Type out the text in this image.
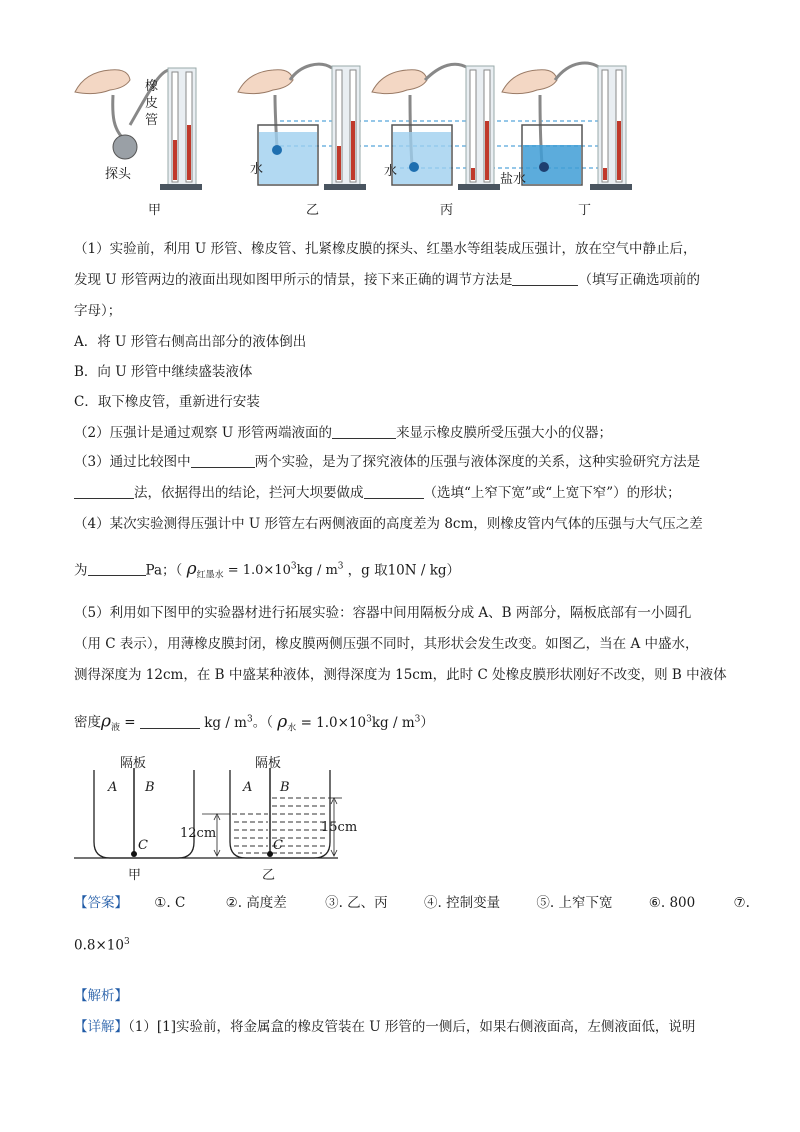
橡
皮
管
探头	水	水
盐水
甲	乙	丙	丁
（1）实验前，利用 U 形管、橡皮管、扎紧橡皮膜的探头、红墨水等组装成压强计，放在空气中静止后，
发现 U 形管两边的液面出现如图甲所示的情景，接下来正确的调节方法是	（填写正确选项前的
字母）；
A．将 U 形管右侧高出部分的液体倒出
B．向 U 形管中继续盛装液体
C．取下橡皮管，重新进行安装
（2）压强计是通过观察 U 形管两端液面的	来显示橡皮膜所受压强大小的仪器；
（3）通过比较图中	两个实验，是为了探究液体的压强与液体深度的关系，这种实验研究方法是
法，依据得出的结论，拦河大坝要做成	（选填“上窄下宽”或“上宽下窄”）的形状；
（4）某次实验测得压强计中 U 形管左右两侧液面的高度差为 8cm，则橡皮管内气体的压强与大气压之差
为	Pa；（ $\rho_{红墨水} = 1.0\times 10^3kg / m^3$ ，g 取10N / kg）
（5）利用如下图甲的实验器材进行拓展实验：容器中间用隔板分成 A、B 两部分，隔板底部有一小圆孔
（用 C 表示），用薄橡皮膜封闭，橡皮膜两侧压强不同时，其形状会发生改变。如图乙，当在 A 中盛水，
测得深度为 12cm，在 B 中盛某种液体，测得深度为 15cm，此时 C 处橡皮膜形状刚好不改变，则 B 中液体
密度$\rho_液$ =	kg / $m^3$。（ $\rho_水 = 1.0\times 10^3kg / m^3$）
隔板	隔板
A B
C
A B
C
12cm	15cm
甲	乙
【答案】 ①. C	②. 高度差	③. 乙、丙	④. 控制变量	⑤. 上窄下宽	⑥. 800	⑦.
$0.8\times 10^3$
【解析】
【详解】（1）[1]实验前，将金属盒的橡皮管装在 U 形管的一侧后，如果右侧液面高，左侧液面低，说明
